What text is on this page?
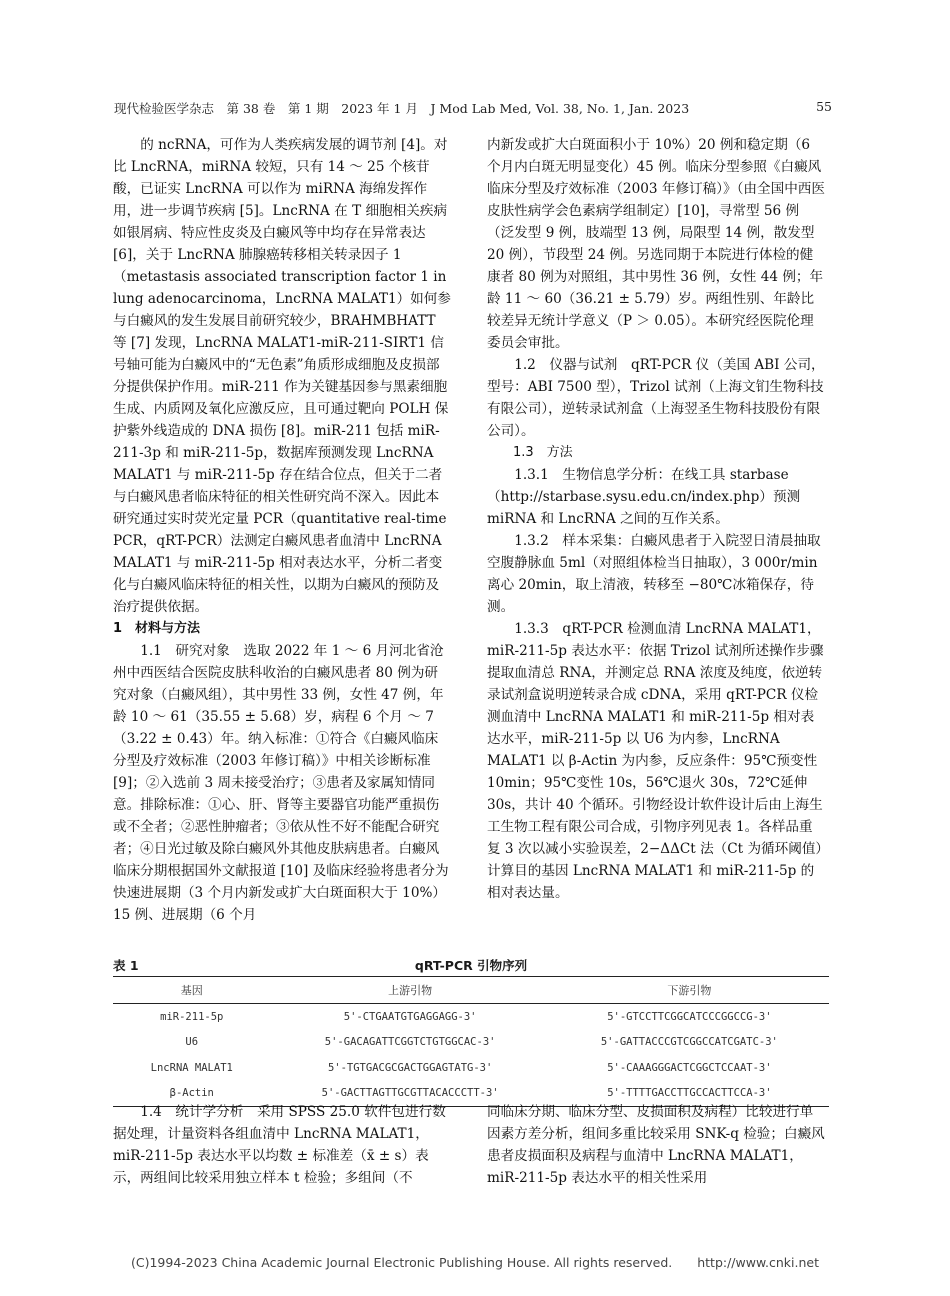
现代检验医学杂志　第 38 卷　第 1 期　2023 年 1 月　J Mod Lab Med, Vol. 38, No. 1, Jan. 2023	55

的 ncRNA，可作为人类疾病发展的调节剂 [4]。对比 LncRNA，miRNA 较短，只有 14 ～ 25 个核苷酸，已证实 LncRNA 可以作为 miRNA 海绵发挥作用，进一步调节疾病 [5]。LncRNA 在 T 细胞相关疾病如银屑病、特应性皮炎及白癜风等中均存在异常表达 [6]，关于 LncRNA 肺腺癌转移相关转录因子 1（metastasis associated transcription factor 1 in lung adenocarcinoma，LncRNA MALAT1）如何参与白癜风的发生发展目前研究较少，BRAHMBHATT 等 [7] 发现，LncRNA MALAT1-miR-211-SIRT1 信号轴可能为白癜风中的“无色素”角质形成细胞及皮损部分提供保护作用。miR-211 作为关键基因参与黑素细胞生成、内质网及氧化应激反应，且可通过靶向 POLH 保护紫外线造成的 DNA 损伤 [8]。miR-211 包括 miR-211-3p 和 miR-211-5p，数据库预测发现 LncRNA MALAT1 与 miR-211-5p 存在结合位点，但关于二者与白癜风患者临床特征的相关性研究尚不深入。因此本研究通过实时荧光定量 PCR（quantitative real-time PCR，qRT-PCR）法测定白癜风患者血清中 LncRNA MALAT1 与 miR-211-5p 相对表达水平，分析二者变化与白癜风临床特征的相关性，以期为白癜风的预防及治疗提供依据。

1　材料与方法

1.1　研究对象　选取 2022 年 1 ～ 6 月河北省沧州中西医结合医院皮肤科收治的白癜风患者 80 例为研究对象（白癜风组），其中男性 33 例，女性 47 例，年龄 10 ～ 61（35.55 ± 5.68）岁，病程 6 个月 ～ 7（3.22 ± 0.43）年。纳入标准：①符合《白癜风临床分型及疗效标准（2003 年修订稿）》中相关诊断标准 [9]；②入选前 3 周未接受治疗；③患者及家属知情同意。排除标准：①心、肝、肾等主要器官功能严重损伤或不全者；②恶性肿瘤者；③依从性不好不能配合研究者；④日光过敏及除白癜风外其他皮肤病患者。白癜风临床分期根据国外文献报道 [10] 及临床经验将患者分为快速进展期（3 个月内新发或扩大白斑面积大于 10%）15 例、进展期（6 个月

内新发或扩大白斑面积小于 10%）20 例和稳定期（6 个月内白斑无明显变化）45 例。临床分型参照《白癜风临床分型及疗效标准（2003 年修订稿）》（由全国中西医皮肤性病学会色素病学组制定）[10]，寻常型 56 例（泛发型 9 例，肢端型 13 例，局限型 14 例，散发型 20 例），节段型 24 例。另选同期于本院进行体检的健康者 80 例为对照组，其中男性 36 例，女性 44 例；年龄 11 ～ 60（36.21 ± 5.79）岁。两组性别、年龄比较差异无统计学意义（P ＞ 0.05）。本研究经医院伦理委员会审批。

1.2　仪器与试剂　qRT-PCR 仪（美国 ABI 公司，型号：ABI 7500 型），Trizol 试剂（上海文钔生物科技有限公司），逆转录试剂盒（上海翌圣生物科技股份有限公司）。

1.3　方法

1.3.1　生物信息学分析：在线工具 starbase（http://starbase.sysu.edu.cn/index.php）预测 miRNA 和 LncRNA 之间的互作关系。

1.3.2　样本采集：白癜风患者于入院翌日清晨抽取空腹静脉血 5ml（对照组体检当日抽取），3 000r/min 离心 20min，取上清液，转移至 −80℃冰箱保存，待测。

1.3.3　qRT-PCR 检测血清 LncRNA MALAT1，miR-211-5p 表达水平：依据 Trizol 试剂所述操作步骤提取血清总 RNA，并测定总 RNA 浓度及纯度，依逆转录试剂盒说明逆转录合成 cDNA，采用 qRT-PCR 仪检测血清中 LncRNA MALAT1 和 miR-211-5p 相对表达水平，miR-211-5p 以 U6 为内参，LncRNA MALAT1 以 β-Actin 为内参，反应条件：95℃预变性 10min；95℃变性 10s，56℃退火 30s，72℃延伸 30s，共计 40 个循环。引物经设计软件设计后由上海生工生物工程有限公司合成，引物序列见表 1。各样品重复 3 次以减小实验误差，2−ΔΔCt 法（Ct 为循环阈值）计算目的基因 LncRNA MALAT1 和 miR-211-5p 的相对表达量。

表 1	qRT-PCR 引物序列
基因	上游引物	下游引物
miR-211-5p	5'-CTGAATGTGAGGAGG-3'	5'-GTCCTTCGGCATCCCGGCCG-3'
U6	5'-GACAGATTCGGTCTGTGGCAC-3'	5'-GATTACCCGTCGGCCATCGATC-3'
LncRNA MALAT1	5'-TGTGACGCGACTGGAGTATG-3'	5'-CAAAGGGACTCGGCTCCAAT-3'
β-Actin	5'-GACTTAGTTGCGTTACACCCTT-3'	5'-TTTTGACCTTGCCACTTCCA-3'

1.4　统计学分析　采用 SPSS 25.0 软件包进行数据处理，计量资料各组血清中 LncRNA MALAT1，miR-211-5p 表达水平以均数 ± 标准差（x̄ ± s）表示，两组间比较采用独立样本 t 检验；多组间（不

同临床分期、临床分型、皮损面积及病程）比较进行单因素方差分析，组间多重比较采用 SNK-q 检验；白癜风患者皮损面积及病程与血清中 LncRNA MALAT1，miR-211-5p 表达水平的相关性采用

(C)1994-2023 China Academic Journal Electronic Publishing House. All rights reserved.　　http://www.cnki.net
